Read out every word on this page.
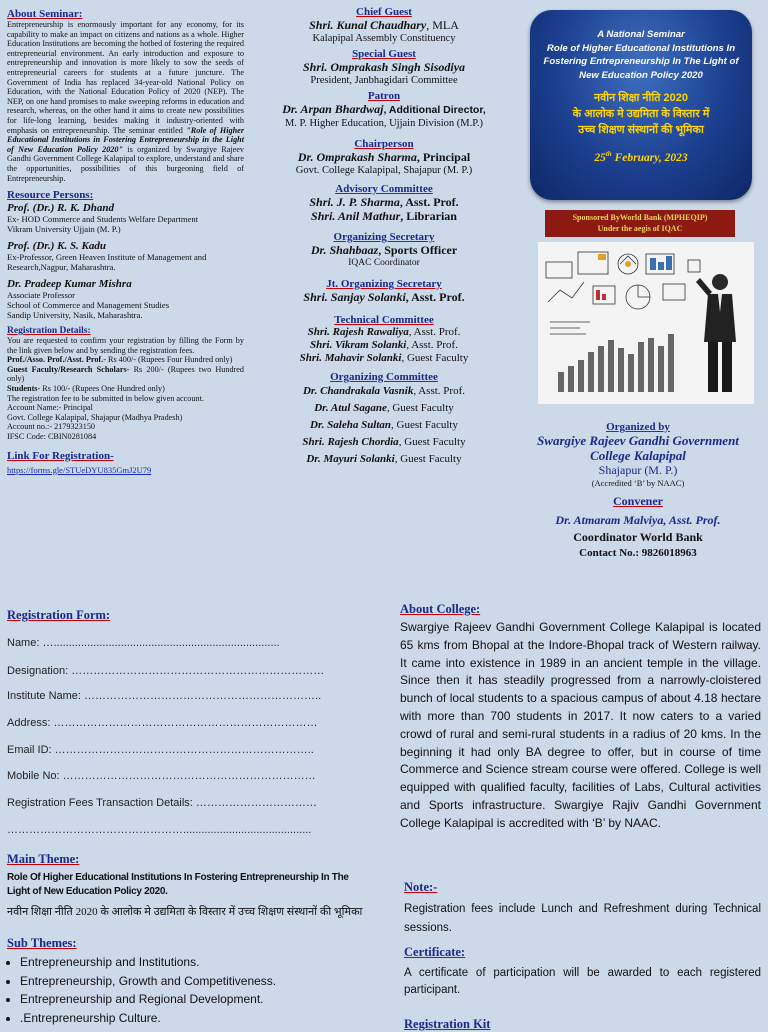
About Seminar:
Entrepreneurship is enormously important for any economy, for its capability to make an impact on citizens and nations as a whole. Higher Education Institutions are becoming the hotbed of fostering the required entrepreneurial environment. An early introduction and exposure to entrepreneurship and innovation is more likely to sow the seeds of entrepreneurial careers for students at a future juncture. The Government of India has replaced 34-year-old National Policy on Education, with the National Education Policy of 2020 (NEP). The NEP, on one hand promises to make sweeping reforms in education and research, whereas, on the other hand it aims to create new possibilities for life-long learning, besides making it industry-oriented with emphasis on entrepreneurship. The seminar entitled "Role of Higher Educational Institutions in Fostering Entrepreneurship in the Light of New Education Policy 2020" is organized by Swargiye Rajeev Gandhi Government College Kalapipal to explore, understand and share the opportunities, possibilities of this burgeoning field of Entrepreneurship.
Resource Persons:
Prof. (Dr.) R. K. Dhand
Ex- HOD Commerce and Students Welfare Department
Vikram University Ujjain (M. P.)
Prof. (Dr.) K. S. Kadu
Ex-Professor, Green Heaven Institute of Management and Research,Nagpur, Maharashtra.
Dr. Pradeep Kumar Mishra
Associate Professor
School of Commerce and Management Studies
Sandip University, Nasik, Maharashtra.
Registration Details:
You are requested to confirm your registration by filling the Form by the link given below and by sending the registration fees.
Prof./Asso. Prof./Asst. Prof.- Rs 400/- (Rupees Four Hundred only)
Guest Faculty/Research Scholars- Rs 200/- (Rupees two Hundred only)
Students- Rs 100/- (Rupees One Hundred only)
The registration fee to be submitted in below given account.
Account Name:- Principal
Govt. College Kalapipal, Shajapur (Madhya Pradesh)
Account no.:- 2179323150
IFSC Code: CBIN0281084
Link For Registration-
https://forms.gle/STUeDYU835GmJ2U79
Chief Guest
Shri. Kunal Chaudhary, MLA
Kalapipal Assembly Constituency
Special Guest
Shri. Omprakash Singh Sisodiya
President, Janbhagidari Committee
Patron
Dr. Arpan Bhardwaj, Additional Director,
M. P. Higher Education, Ujjain Division (M.P.)
Chairperson
Dr. Omprakash Sharma, Principal
Govt. College Kalapipal, Shajapur (M. P.)
Advisory Committee
Shri. J. P. Sharma, Asst. Prof.
Shri. Anil Mathur, Librarian
Organizing Secretary
Dr. Shahbaaz, Sports Officer
IQAC Coordinator
Jt. Organizing Secretary
Shri. Sanjay Solanki, Asst. Prof.
Technical Committee
Shri. Rajesh Rawaliya, Asst. Prof.
Shri. Vikram Solanki, Asst. Prof.
Shri. Mahavir Solanki, Guest Faculty
Organizing Committee
Dr. Chandrakala Vasnik, Asst. Prof.
Dr. Atul Sagane, Guest Faculty
Dr. Saleha Sultan, Guest Faculty
Shri. Rajesh Chordia, Guest Faculty
Dr. Mayuri Solanki, Guest Faculty
A National Seminar
Role of Higher Educational Institutions In
Fostering Entrepreneurship In The Light of
New Education Policy 2020
नवीन शिक्षा नीति 2020
के आलोक मे उद्यमिता के विस्तार में
उच्च शिक्षण संस्थानों की भूमिका
25th February, 2023
Sponsored ByWorld Bank (MPHEQIP)
Under the aegis of IQAC
Organized by
Swargiye Rajeev Gandhi Government
College Kalapipal
Shajapur (M. P.)
(Accredited ‘B’ by NAAC)
Convener
Dr. Atmaram Malviya, Asst. Prof.
Coordinator World Bank
Contact No.: 9826018963
Registration Form:
Name: …..........................................................................
Designation: ……………………………………………………………
Institute Name: ………………………………………………………..
Address: ………………………………………………………………
Email ID: ……………………………………………………………..
Mobile No: ……………………………………………………………
Registration Fees Transaction Details: ……………………………
…………………………………………..........................................
Main Theme:
Role Of Higher Educational Institutions In Fostering Entrepreneurship In The Light of New Education Policy 2020.
नवीन शिक्षा नीति 2020 के आलोक मे उद्यमिता के विस्तार में उच्च शिक्षण संस्थानों की भूमिका
Sub Themes:
• Entrepreneurship and Institutions.
• Entrepreneurship, Growth and Competitiveness.
• Entrepreneurship and Regional Development.
• .Entrepreneurship Culture.
About College:
Swargiye Rajeev Gandhi Government College Kalapipal is located 65 kms from Bhopal at the Indore-Bhopal track of Western railway. It came into existence in 1989 in an ancient temple in the village. Since then it has steadily progressed from a narrowly-cloistered bunch of local students to a spacious campus of about 4.18 hectare with more than 700 students in 2017. It now caters to a varied crowd of rural and semi-rural students in a radius of 20 kms. In the beginning it had only BA degree to offer, but in course of time Commerce and Science stream course were offered. College is well equipped with qualified faculty, facilities of Labs, Cultural activities and Sports infrastructure. Swargiye Rajiv Gandhi Government College Kalapipal is accredited with ‘B’ by NAAC.
Note:-
Registration fees include Lunch and Refreshment during Technical sessions.
Certificate:
A certificate of participation will be awarded to each registered participant.
Registration Kit
